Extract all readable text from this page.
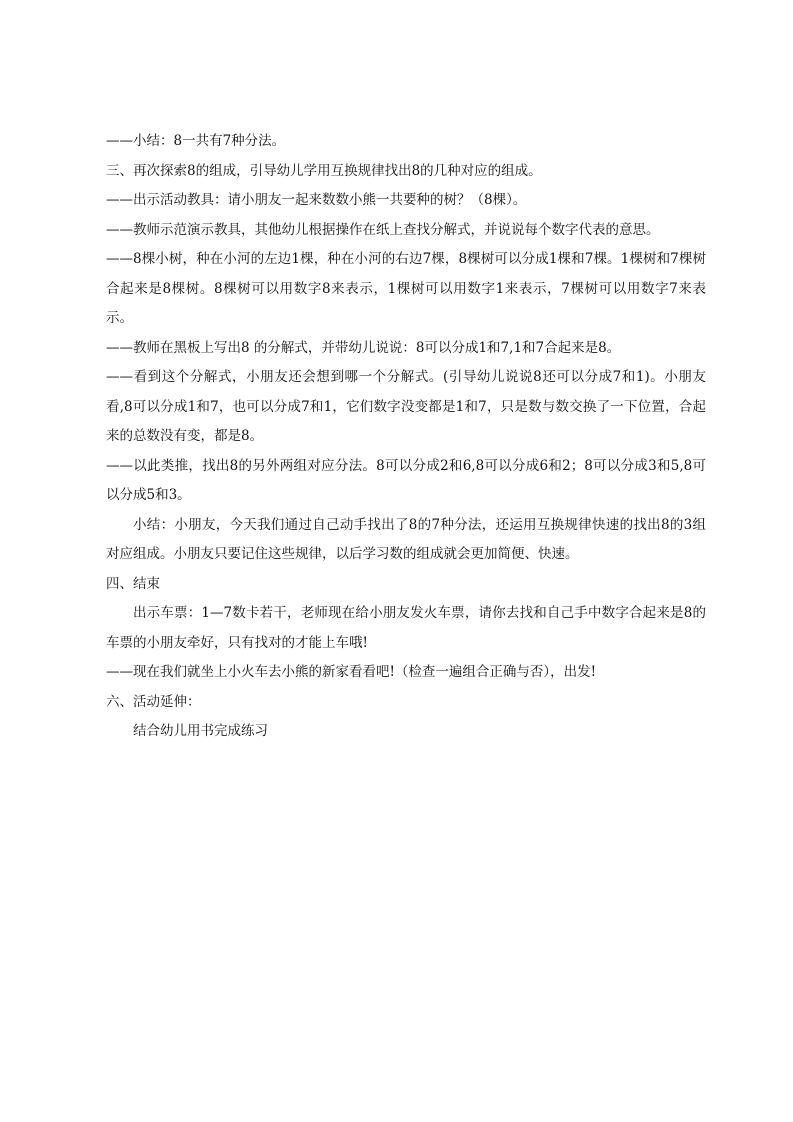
——小结：8一共有7种分法。

三、再次探索8的组成，引导幼儿学用互换规律找出8的几种对应的组成。

——出示活动教具：请小朋友一起来数数小熊一共要种的树？（8棵）。

——教师示范演示教具，其他幼儿根据操作在纸上查找分解式，并说说每个数字代表的意思。

——8棵小树，种在小河的左边1棵，种在小河的右边7棵，8棵树可以分成1棵和7棵。1棵树和7棵树合起来是8棵树。8棵树可以用数字8来表示，1棵树可以用数字1来表示，7棵树可以用数字7来表示。

——教师在黑板上写出8 的分解式，并带幼儿说说：8可以分成1和7,1和7合起来是8。

——看到这个分解式，小朋友还会想到哪一个分解式。(引导幼儿说说8还可以分成7和1)。小朋友看,8可以分成1和7，也可以分成7和1，它们数字没变都是1和7，只是数与数交换了一下位置，合起来的总数没有变，都是8。

——以此类推，找出8的另外两组对应分法。8可以分成2和6,8可以分成6和2；8可以分成3和5,8可以分成5和3。

小结：小朋友，今天我们通过自己动手找出了8的7种分法，还运用互换规律快速的找出8的3组对应组成。小朋友只要记住这些规律，以后学习数的组成就会更加简便、快速。

四、结束

出示车票：1—7数卡若干，老师现在给小朋友发火车票，请你去找和自己手中数字合起来是8的车票的小朋友牵好，只有找对的才能上车哦!

——现在我们就坐上小火车去小熊的新家看看吧!（检查一遍组合正确与否），出发!

六、活动延伸：

结合幼儿用书完成练习
